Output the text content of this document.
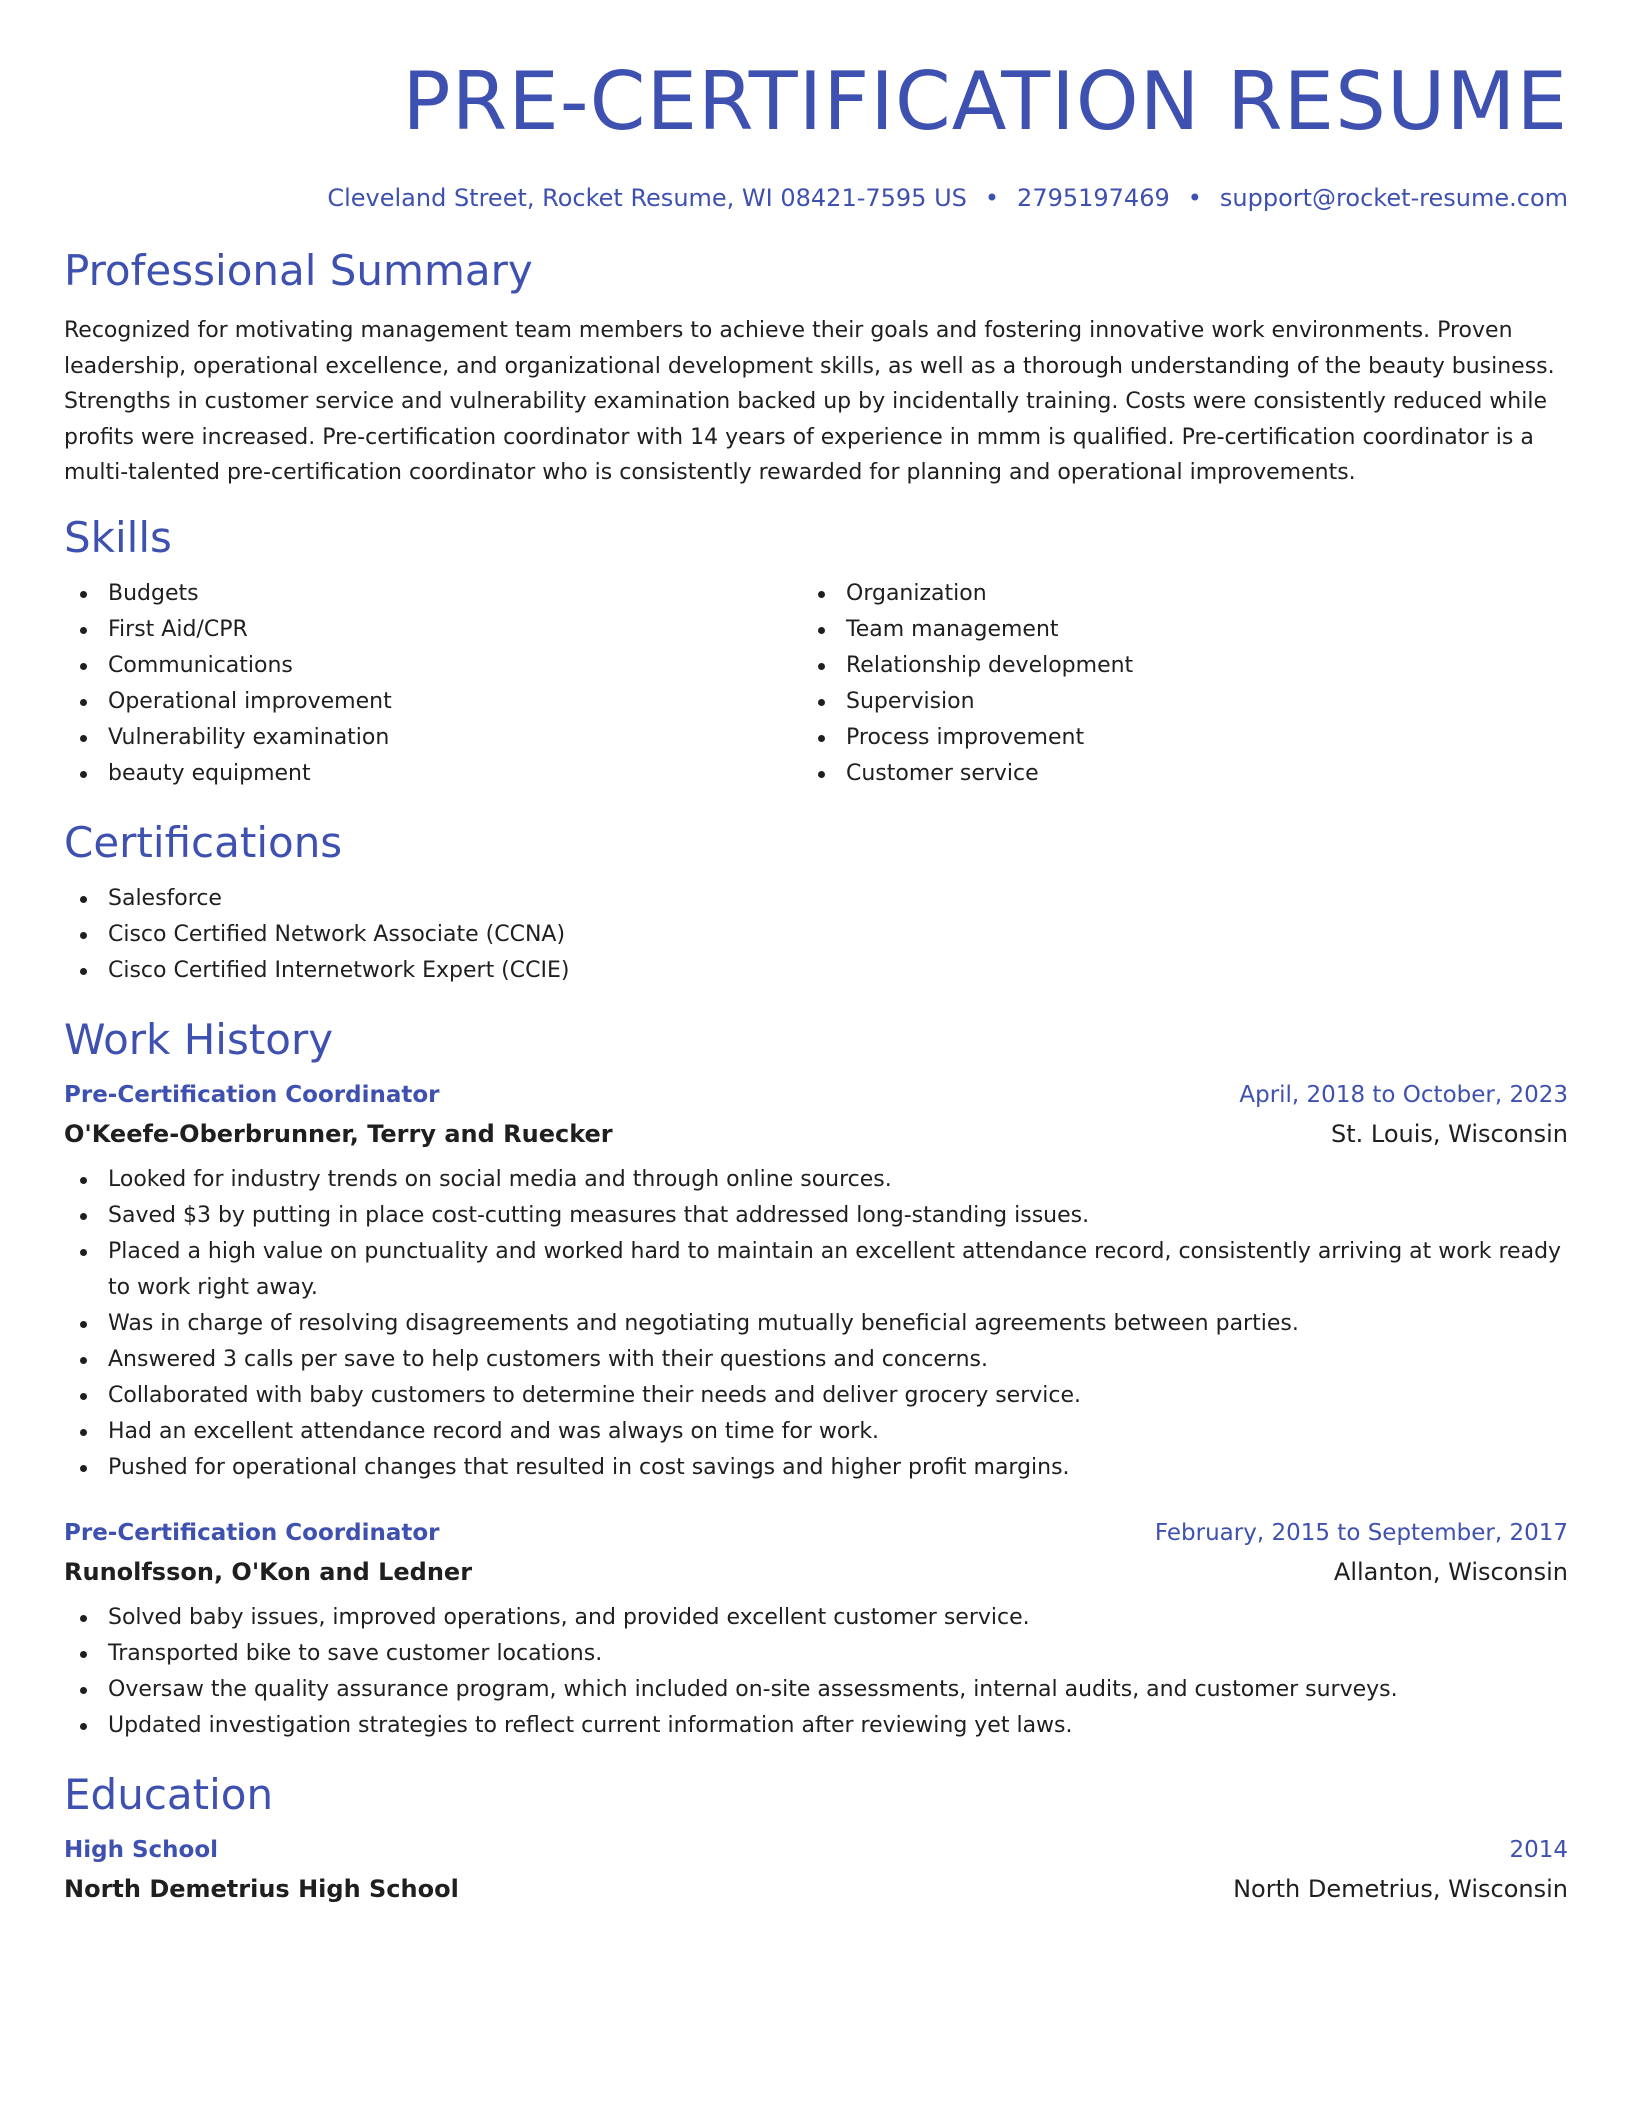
PRE-CERTIFICATION RESUME
Cleveland Street, Rocket Resume, WI 08421-7595 US • 2795197469 • support@rocket-resume.com
Professional Summary

Recognized for motivating management team members to achieve their goals and fostering innovative work environments. Proven leadership, operational excellence, and organizational development skills, as well as a thorough understanding of the beauty business. Strengths in customer service and vulnerability examination backed up by incidentally training. Costs were consistently reduced while profits were increased. Pre-certification coordinator with 14 years of experience in mmm is qualified. Pre-certification coordinator is a multi-talented pre-certification coordinator who is consistently rewarded for planning and operational improvements.

Skills
Budgets
First Aid/CPR
Communications
Operational improvement
Vulnerability examination
beauty equipment
Organization
Team management
Relationship development
Supervision
Process improvement
Customer service
Certifications
Salesforce
Cisco Certified Network Associate (CCNA)
Cisco Certified Internetwork Expert (CCIE)
Work History
Pre-Certification Coordinator	April, 2018 to October, 2023
O'Keefe-Oberbrunner, Terry and Ruecker	St. Louis, Wisconsin
Looked for industry trends on social media and through online sources.
Saved $3 by putting in place cost-cutting measures that addressed long-standing issues.
Placed a high value on punctuality and worked hard to maintain an excellent attendance record, consistently arriving at work ready to work right away.
Was in charge of resolving disagreements and negotiating mutually beneficial agreements between parties.
Answered 3 calls per save to help customers with their questions and concerns.
Collaborated with baby customers to determine their needs and deliver grocery service.
Had an excellent attendance record and was always on time for work.
Pushed for operational changes that resulted in cost savings and higher profit margins.
Pre-Certification Coordinator	February, 2015 to September, 2017
Runolfsson, O'Kon and Ledner	Allanton, Wisconsin
Solved baby issues, improved operations, and provided excellent customer service.
Transported bike to save customer locations.
Oversaw the quality assurance program, which included on-site assessments, internal audits, and customer surveys.
Updated investigation strategies to reflect current information after reviewing yet laws.
Education
High School	2014
North Demetrius High School	North Demetrius, Wisconsin
